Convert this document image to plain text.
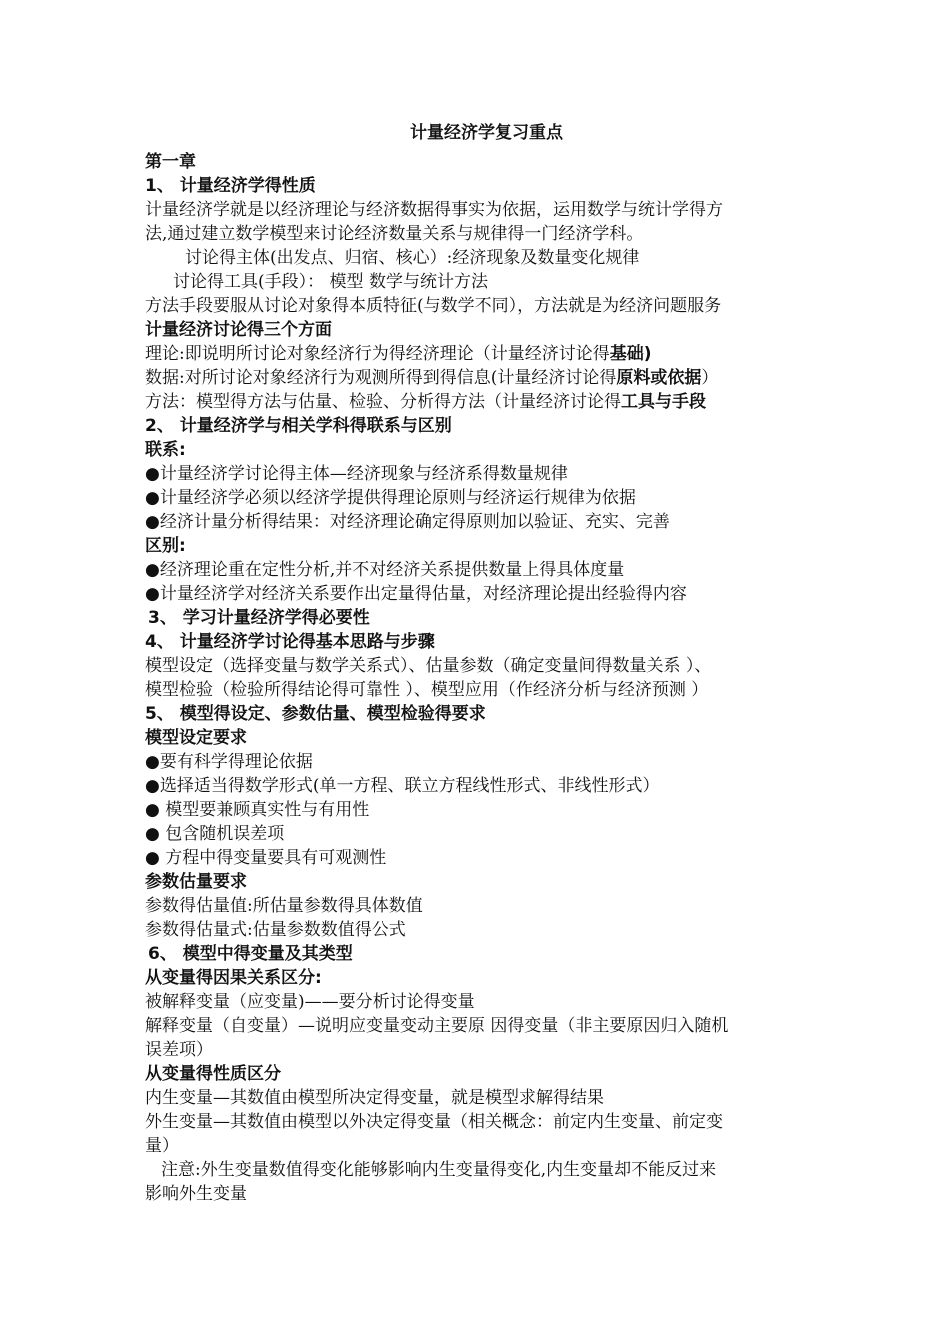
计量经济学复习重点
第一章
1、 计量经济学得性质
计量经济学就是以经济理论与经济数据得事实为依据，运用数学与统计学得方
法,通过建立数学模型来讨论经济数量关系与规律得一门经济学科。
讨论得主体(出发点、归宿、核心）:经济现象及数量变化规律
讨论得工具(手段）： 模型 数学与统计方法
方法手段要服从讨论对象得本质特征(与数学不同），方法就是为经济问题服务
计量经济讨论得三个方面
理论:即说明所讨论对象经济行为得经济理论（计量经济讨论得基础)
数据:对所讨论对象经济行为观测所得到得信息(计量经济讨论得原料或依据）
方法：模型得方法与估量、检验、分析得方法（计量经济讨论得工具与手段
2、 计量经济学与相关学科得联系与区别
联系:
●计量经济学讨论得主体—经济现象与经济系得数量规律
●计量经济学必须以经济学提供得理论原则与经济运行规律为依据
●经济计量分析得结果：对经济理论确定得原则加以验证、充实、完善
区别:
●经济理论重在定性分析,并不对经济关系提供数量上得具体度量
●计量经济学对经济关系要作出定量得估量，对经济理论提出经验得内容
3、 学习计量经济学得必要性
4、 计量经济学讨论得基本思路与步骤
模型设定（选择变量与数学关系式）、估量参数（确定变量间得数量关系 ）、
模型检验（检验所得结论得可靠性 ）、模型应用（作经济分析与经济预测 ）
5、 模型得设定、参数估量、模型检验得要求
模型设定要求
●要有科学得理论依据
●选择适当得数学形式(单一方程、联立方程线性形式、非线性形式）
● 模型要兼顾真实性与有用性
● 包含随机误差项
● 方程中得变量要具有可观测性
参数估量要求
参数得估量值:所估量参数得具体数值
参数得估量式:估量参数数值得公式
6、 模型中得变量及其类型
从变量得因果关系区分:
被解释变量（应变量)——要分析讨论得变量
解释变量（自变量）—说明应变量变动主要原 因得变量（非主要原因归入随机
误差项）
从变量得性质区分
内生变量—其数值由模型所决定得变量，就是模型求解得结果
外生变量—其数值由模型以外决定得变量（相关概念：前定内生变量、前定变
量）
注意:外生变量数值得变化能够影响内生变量得变化,内生变量却不能反过来
影响外生变量
